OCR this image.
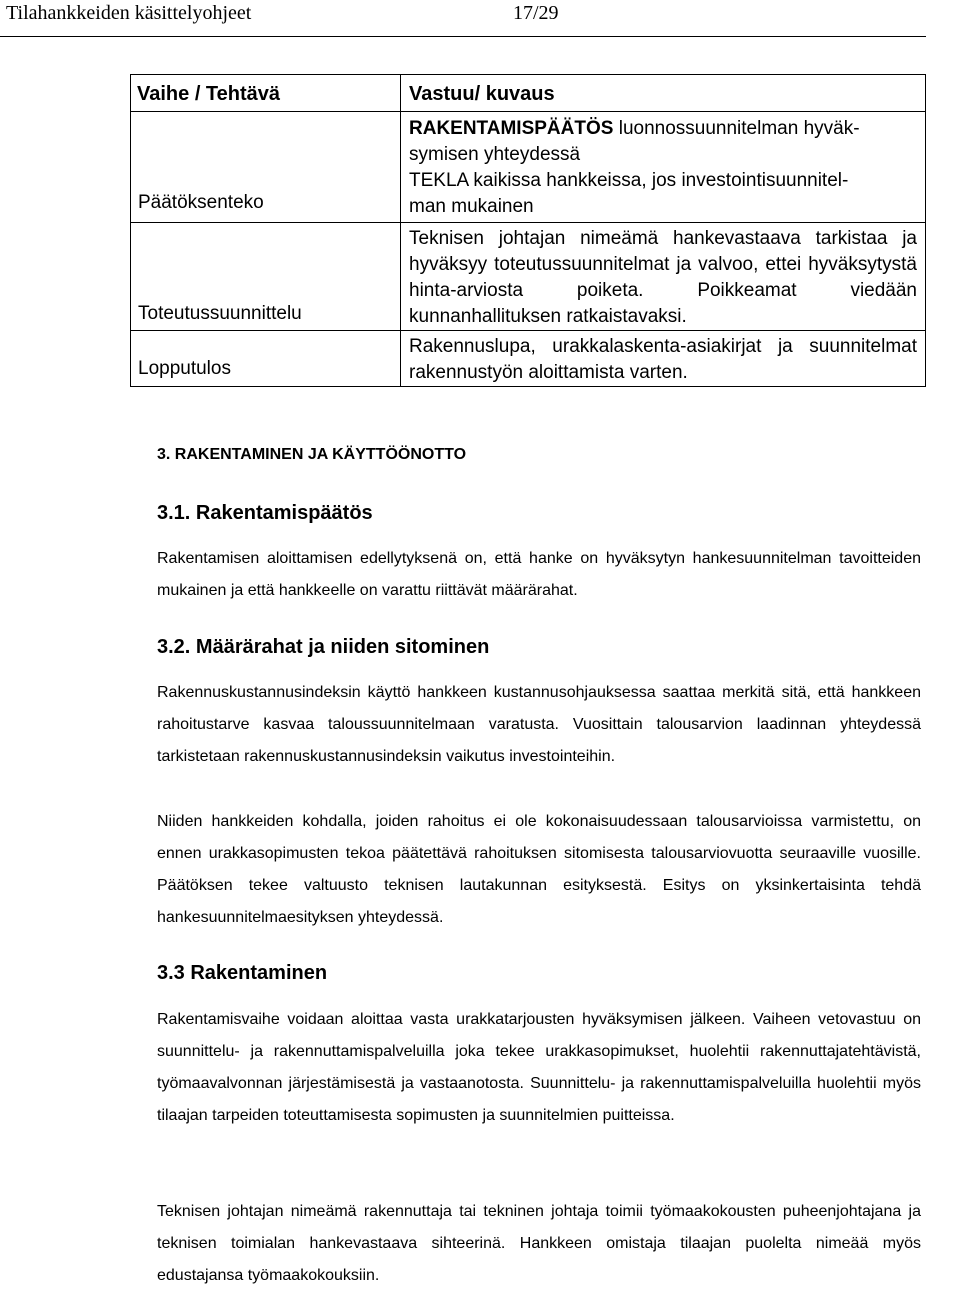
Tilahankkeiden käsittelyohjeet	17/29
Vaihe / Tehtävä	Vastuu/ kuvaus

Päätöksenteko	RAKENTAMISPÄÄTÖS luonnossuunnitelman hyväk-
symisen yhteydessä
TEKLA kaikissa hankkeissa, jos investointisuunnitel-
man mukainen

Toteutussuunnittelu	Teknisen johtajan nimeämä hankevastaava tarkistaa ja hyväksyy toteutussuunnitelmat ja valvoo, ettei hyväksytystä hinta-arviosta poiketa. Poikkeamat viedään kunnanhallituksen ratkaistavaksi.

Lopputulos	Rakennuslupa, urakkalaskenta-asiakirjat ja suunnitelmat rakennustyön aloittamista varten.

3. RAKENTAMINEN JA KÄYTTÖÖNOTTO
3.1. Rakentamispäätös

Rakentamisen aloittamisen edellytyksenä on, että hanke on hyväksytyn hankesuunnitelman tavoitteiden mukainen ja että hankkeelle on varattu riittävät määrärahat.

3.2. Määrärahat ja niiden sitominen

Rakennuskustannusindeksin käyttö hankkeen kustannusohjauksessa saattaa merkitä sitä, että hankkeen rahoitustarve kasvaa taloussuunnitelmaan varatusta. Vuosittain talousarvion laadinnan yhteydessä tarkistetaan rakennuskustannusindeksin vaikutus investointeihin.

Niiden hankkeiden kohdalla, joiden rahoitus ei ole kokonaisuudessaan talousarvioissa varmistettu, on ennen urakkasopimusten tekoa päätettävä rahoituksen sitomisesta talousarviovuotta seuraaville vuosille. Päätöksen tekee valtuusto teknisen lautakunnan esityksestä. Esitys on yksinkertaisinta tehdä hankesuunnitelmaesityksen yhteydessä.

3.3 Rakentaminen

Rakentamisvaihe voidaan aloittaa vasta urakkatarjousten hyväksymisen jälkeen. Vaiheen vetovastuu on suunnittelu- ja rakennuttamispalveluilla joka tekee urakkasopimukset, huolehtii rakennuttajatehtävistä, työmaavalvonnan järjestämisestä ja vastaanotosta. Suunnittelu- ja rakennuttamispalveluilla huolehtii myös tilaajan tarpeiden toteuttamisesta sopimusten ja suunnitelmien puitteissa.

Teknisen johtajan nimeämä rakennuttaja tai tekninen johtaja toimii työmaakokousten puheenjohtajana ja teknisen toimialan hankevastaava sihteerinä. Hankkeen omistaja tilaajan puolelta nimeää myös edustajansa työmaakokouksiin.
